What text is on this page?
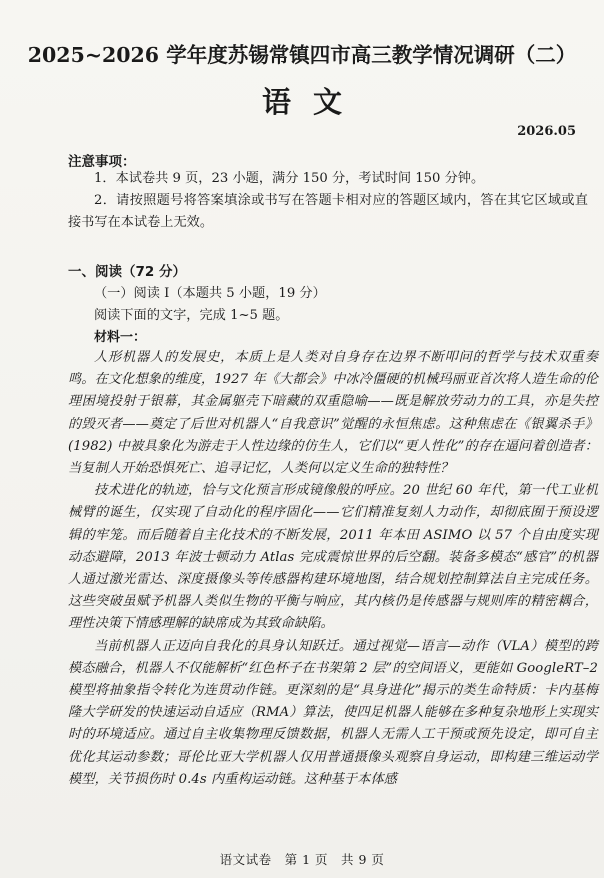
2025~2026 学年度苏锡常镇四市高三教学情况调研（二）
语文
2026.05
注意事项：
1．本试卷共 9 页，23 小题，满分 150 分，考试时间 150 分钟。
2．请按照题号将答案填涂或书写在答题卡相对应的答题区域内，答在其它区域或直接书写在本试卷上无效。
一、阅读（72 分）
（一）阅读 I（本题共 5 小题，19 分）
阅读下面的文字，完成 1~5 题。
材料一：

人形机器人的发展史，本质上是人类对自身存在边界不断叩问的哲学与技术双重奏鸣。在文化想象的维度，1927 年《大都会》中冰冷僵硬的机械玛丽亚首次将人造生命的伦理困境投射于银幕，其金属躯壳下暗藏的双重隐喻——既是解放劳动力的工具，亦是失控的毁灭者——奠定了后世对机器人“自我意识”觉醒的永恒焦虑。这种焦虑在《银翼杀手》(1982) 中被具象化为游走于人性边缘的仿生人，它们以“更人性化”的存在逼问着创造者：当复制人开始恐惧死亡、追寻记忆，人类何以定义生命的独特性？

技术进化的轨迹，恰与文化预言形成镜像般的呼应。20 世纪 60 年代，第一代工业机械臂的诞生，仅实现了自动化的程序固化——它们精准复刻人力动作，却彻底囿于预设逻辑的牢笼。而后随着自主化技术的不断发展，2011 年本田 ASIMO 以 57 个自由度实现动态避障，2013 年波士顿动力 Atlas 完成震惊世界的后空翻。装备多模态“感官”的机器人通过激光雷达、深度摄像头等传感器构建环境地图，结合规划控制算法自主完成任务。这些突破虽赋予机器人类似生物的平衡与响应，其内核仍是传感器与规则库的精密耦合，理性决策下情感理解的缺席成为其致命缺陷。

当前机器人正迈向自我化的具身认知跃迁。通过视觉—语言—动作（VLA）模型的跨模态融合，机器人不仅能解析“红色杯子在书架第 2 层”的空间语义，更能如 GoogleRT–2 模型将抽象指令转化为连贯动作链。更深刻的是“具身进化”揭示的类生命特质：卡内基梅隆大学研发的快速运动自适应（RMA）算法，使四足机器人能够在多种复杂地形上实现实时的环境适应。通过自主收集物理反馈数据，机器人无需人工干预或预先设定，即可自主优化其运动参数；哥伦比亚大学机器人仅用普通摄像头观察自身运动，即构建三维运动学模型，关节损伤时 0.4s 内重构运动链。这种基于本体感

语文试卷　第 1 页　共 9 页
